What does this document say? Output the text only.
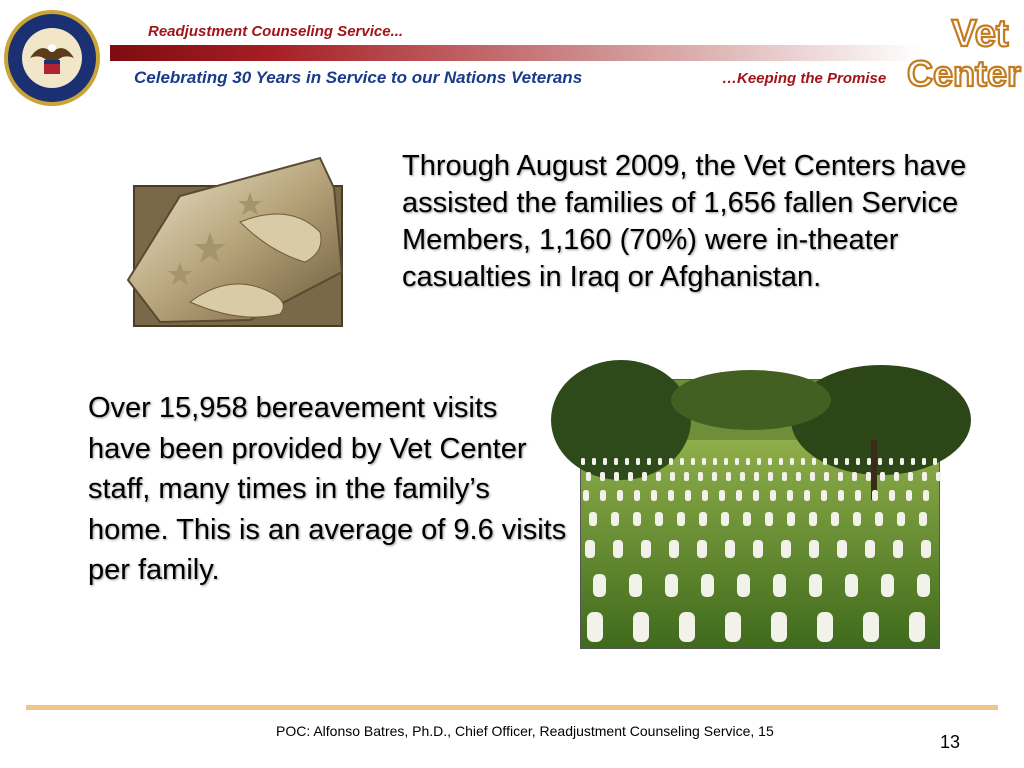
Readjustment Counseling Service...
Celebrating 30 Years in Service to our Nations Veterans	…Keeping the Promise
Vet
Center
Through August 2009, the Vet Centers have assisted the families of 1,656 fallen Service Members, 1,160 (70%) were in-theater casualties in Iraq or Afghanistan.
Over 15,958 bereavement visits have been provided by Vet Center staff, many times in the family’s home. This is an average of 9.6 visits per family.
POC: Alfonso Batres, Ph.D., Chief Officer, Readjustment Counseling Service, 15
13
